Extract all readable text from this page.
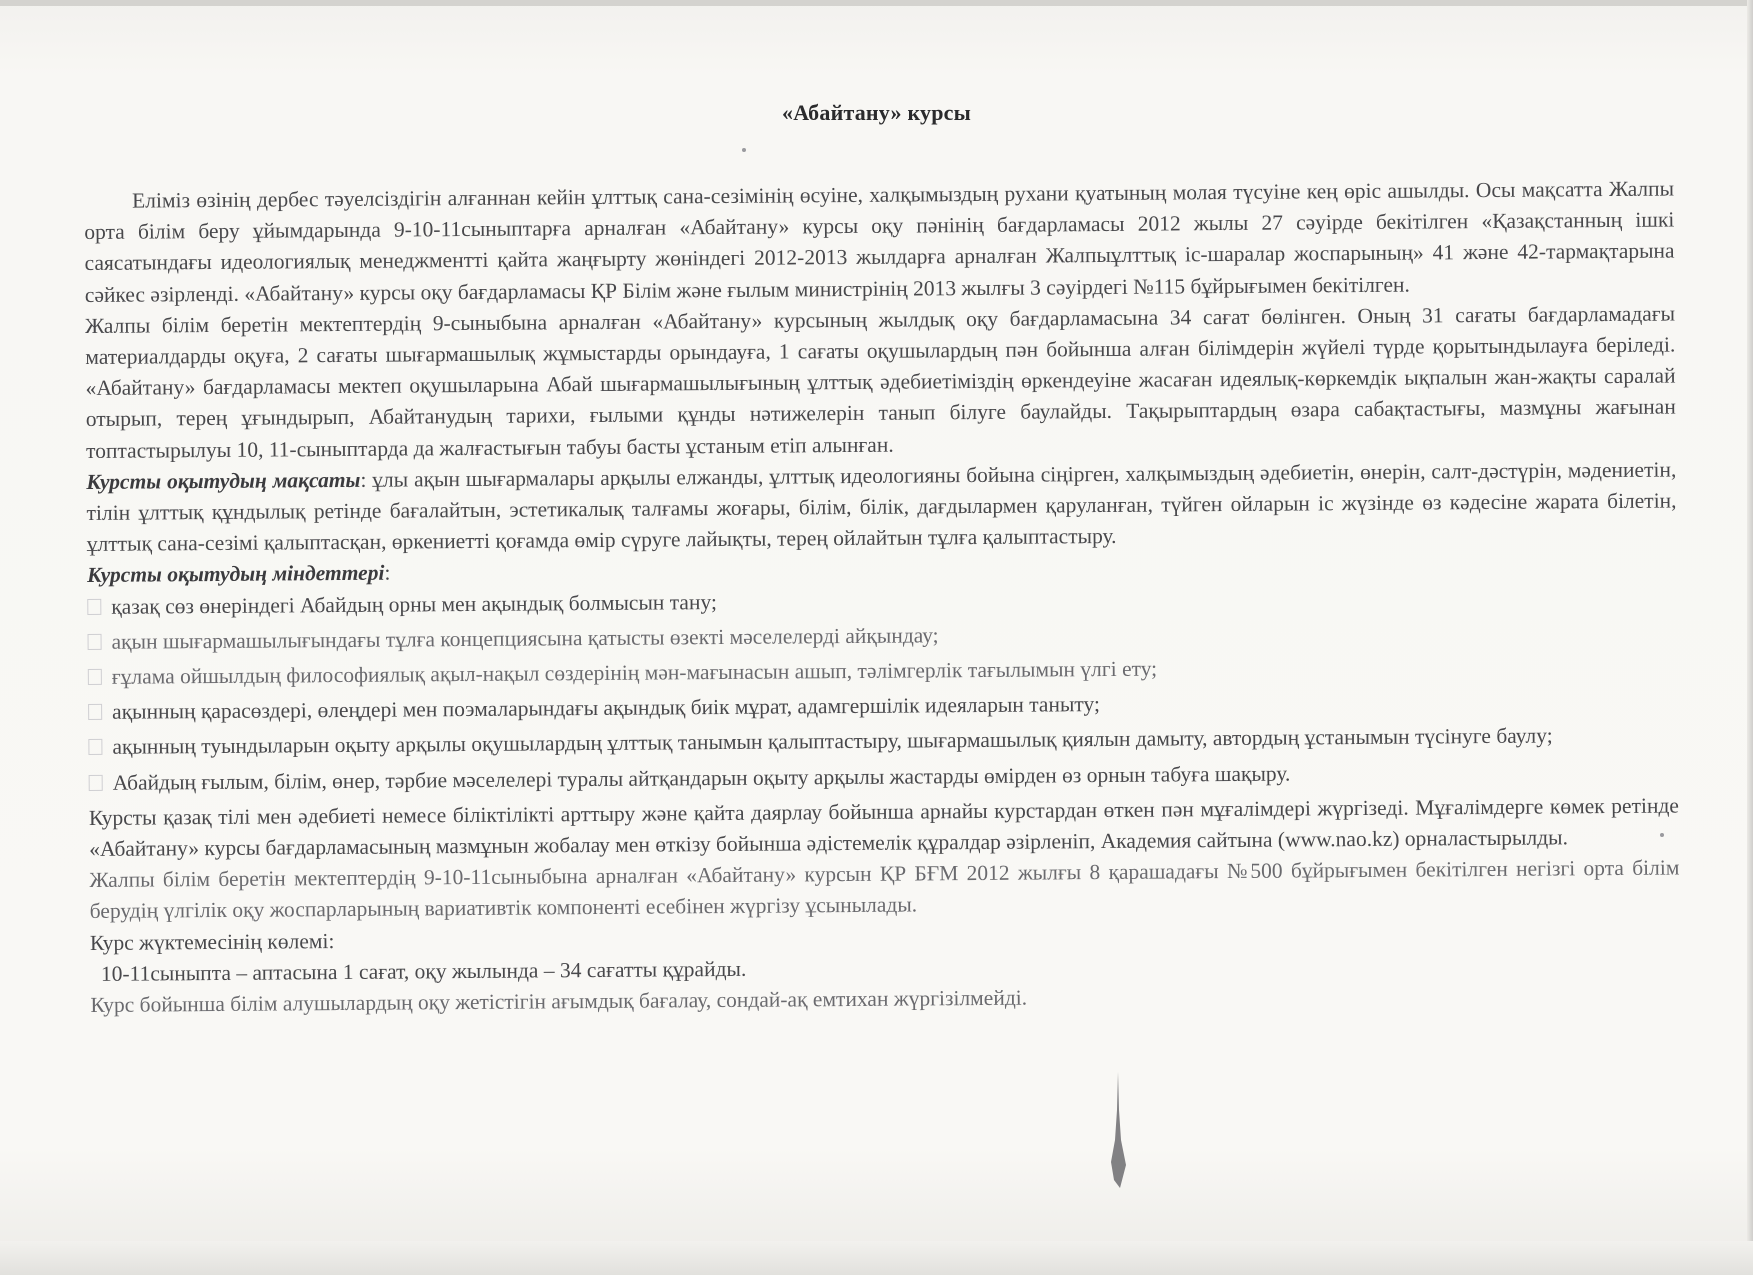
«Абайтану» курсы

Еліміз өзінің дербес тәуелсіздігін алғаннан кейін ұлттық сана-сезімінің өсуіне, халқымыздың рухани қуатының молая түсуіне кең өріс ашылды. Осы мақсатта Жалпы орта білім беру ұйымдарында 9-10-11сыныптарға арналған «Абайтану» курсы оқу пәнінің бағдарламасы 2012 жылы 27 сәуірде бекітілген «Қазақстанның ішкі саясатындағы идеологиялық менеджментті қайта жаңғырту жөніндегі 2012-2013 жылдарға арналған Жалпыұлттық іс-шаралар жоспарының» 41 және 42-тармақтарына сәйкес әзірленді. «Абайтану» курсы оқу бағдарламасы ҚР Білім және ғылым министрінің 2013 жылғы 3 сәуірдегі №115 бұйрығымен бекітілген.

Жалпы білім беретін мектептердің 9-сыныбына арналған «Абайтану» курсының жылдық оқу бағдарламасына 34 сағат бөлінген. Оның 31 сағаты бағдарламадағы материалдарды оқуға, 2 сағаты шығармашылық жұмыстарды орындауға, 1 сағаты оқушылардың пән бойынша алған білімдерін жүйелі түрде қорытындылауға беріледі. «Абайтану» бағдарламасы мектеп оқушыларына Абай шығармашылығының ұлттық әдебиетіміздің өркендеуіне жасаған идеялық-көркемдік ықпалын жан-жақты саралай отырып, терең ұғындырып, Абайтанудың тарихи, ғылыми құнды нәтижелерін танып білуге баулайды. Тақырыптардың өзара сабақтастығы, мазмұны жағынан топтастырылуы 10, 11-сыныптарда да жалғастығын табуы басты ұстаным етіп алынған.

Курсты оқытудың мақсаты: ұлы ақын шығармалары арқылы елжанды, ұлттық идеологияны бойына сіңірген, халқымыздың әдебиетін, өнерін, салт-дәстүрін, мәдениетін, тілін ұлттық құндылық ретінде бағалайтын, эстетикалық талғамы жоғары, білім, білік, дағдылармен қаруланған, түйген ойларын іс жүзінде өз кәдесіне жарата білетін, ұлттық сана-сезімі қалыптасқан, өркениетті қоғамда өмір сүруге лайықты, терең ойлайтын тұлға қалыптастыру.

Курсты оқытудың міндеттері:

қазақ сөз өнеріндегі Абайдың орны мен ақындық болмысын тану;
ақын шығармашылығындағы тұлға концепциясына қатысты өзекті мәселелерді айқындау;
ғұлама ойшылдың философиялық ақыл-нақыл сөздерінің мән-мағынасын ашып, тәлімгерлік тағылымын үлгі ету;
ақынның қарасөздері, өлеңдері мен поэмаларындағы ақындық биік мұрат, адамгершілік идеяларын таныту;
ақынның туындыларын оқыту арқылы оқушылардың ұлттық танымын қалыптастыру, шығармашылық қиялын дамыту, автордың ұстанымын түсінуге баулу;
Абайдың ғылым, білім, өнер, тәрбие мәселелері туралы айтқандарын оқыту арқылы жастарды өмірден өз орнын табуға шақыру.

Курсты қазақ тілі мен әдебиеті немесе біліктілікті арттыру және қайта даярлау бойынша арнайы курстардан өткен пән мұғалімдері жүргізеді. Мұғалімдерге көмек ретінде «Абайтану» курсы бағдарламасының мазмұнын жобалау мен өткізу бойынша әдістемелік құралдар әзірленіп, Академия сайтына (www.nao.kz) орналастырылды.

Жалпы білім беретін мектептердің 9-10-11сыныбына арналған «Абайтану» курсын ҚР БҒМ 2012 жылғы 8 қарашадағы №500 бұйрығымен бекітілген негізгі орта білім берудің үлгілік оқу жоспарларының вариативтік компоненті есебінен жүргізу ұсынылады.

Курс жүктемесінің көлемі:

10-11сыныпта – аптасына 1 сағат, оқу жылында – 34 сағатты құрайды.

Курс бойынша білім алушылардың оқу жетістігін ағымдық бағалау, сондай-ақ емтихан жүргізілмейді.
